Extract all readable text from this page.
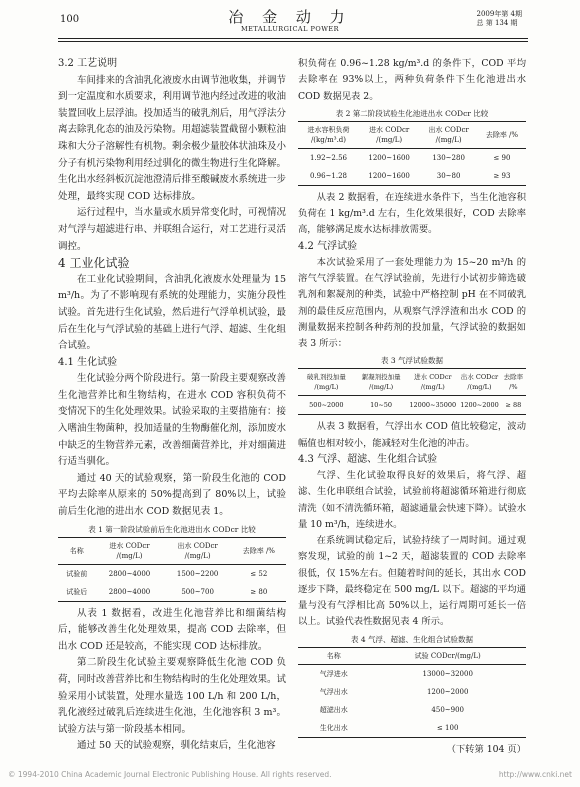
100	冶 金 动 力
METALLURGICAL POWER
2009年第 4期
总 第 134 期

3.2 工艺说明

车间排来的含油乳化液废水由调节池收集，并调节到一定温度和水质要求，利用调节池内经过改进的收油装置回收上层浮油。投加适当的破乳剂后，用气浮法分离去除乳化态的油及污染物。用超滤装置截留小颗粒油珠和大分子溶解性有机物。剩余极少量胶体状油珠及小分子有机污染物利用经过驯化的微生物进行生化降解。生化出水经斜板沉淀池澄清后排至酸碱废水系统进一步处理，最终实现 COD 达标排放。

运行过程中，当水量或水质异常变化时，可视情况对气浮与超滤进行串、并联组合运行，对工艺进行灵活调控。

4 工业化试验

在工业化试验期间，含油乳化液废水处理量为 15 m³/h。为了不影响现有系统的处理能力，实施分段性试验。首先进行生化试验，然后进行气浮单机试验，最后在生化与气浮试验的基础上进行气浮、超滤、生化组合试验。

4.1 生化试验

生化试验分两个阶段进行。第一阶段主要观察改善生化池营养比和生物结构，在进水 COD 容积负荷不变情况下的生化处理效果。试验采取的主要措施有：接入嗜油生物菌种，投加适量的生物酶催化剂，添加废水中缺乏的生物营养元素，改善细菌营养比，并对细菌进行适当驯化。

通过 40 天的试验观察，第一阶段生化池的 COD 平均去除率从原来的 50%提高到了 80%以上，试验前后生化池的进出水 COD 数据见表 1。

表 1 第一阶段试验前后生化池进出水 CODcr 比较
名称	进水 CODcr
/(mg/L)	出水 CODcr
/(mg/L)	去除率 /%
试验前	2800~4000	1500~2200	≤ 52
试验后	2800~4000	500~700	≥ 80

从表 1 数据看，改进生化池营养比和细菌结构后，能够改善生化处理效果，提高 COD 去除率，但出水 COD 还是较高，不能实现 COD 达标排放。

第二阶段生化试验主要观察降低生化池 COD 负荷，同时改善营养比和生物结构时的生化处理效果。试验采用小试装置，处理水量选 100 L/h 和 200 L/h，乳化液经过破乳后连续进生化池，生化池容积 3 m³。试验方法与第一阶段基本相同。

通过 50 天的试验观察，驯化结束后，生化池容

积负荷在 0.96~1.28 kg/m³.d 的条件下，COD 平均去除率在 93%以上，两种负荷条件下生化池进出水 COD 数据见表 2。

表 2 第二阶段试验生化池进出水 CODcr 比较
进水容积负荷
/(kg/m³.d)	进水 CODcr
/(mg/L)	出水 CODcr
/(mg/L)	去除率 /%
1.92~2.56	1200~1600	130~280	≤ 90
0.96~1.28	1200~1600	30~80	≥ 93

从表 2 数据看，在连续进水条件下，当生化池容积负荷在 1 kg/m³.d 左右，生化效果很好，COD 去除率高，能够满足废水达标排放需要。

4.2 气浮试验

本次试验采用了一套处理能力为 15~20 m³/h 的溶气气浮装置。在气浮试验前，先进行小试初步筛选破乳剂和絮凝剂的种类，试验中严格控制 pH 在不同破乳剂的最佳反应范围内，从观察气浮浮渣和出水 COD 的测量数据来控制各种药剂的投加量，气浮试验的数据如表 3 所示：

表 3 气浮试验数据
破乳剂投加量 /(mg/L)	絮凝剂投加量 /(mg/L)	进水 CODcr
/(mg/L)	出水 CODcr
/(mg/L)	去除率 /%
500~2000	10~50	12000~35000	1200~2000	≥ 88

从表 3 数据看，气浮出水 COD 值比较稳定，波动幅值也相对较小，能减轻对生化池的冲击。

4.3 气浮、超滤、生化组合试验

气浮、生化试验取得良好的效果后，将气浮、超滤、生化串联组合试验，试验前将超滤循环箱进行彻底清洗（如不清洗循环箱，超滤通量会快速下降）。试验水量 10 m³/h，连续进水。

在系统调试稳定后，试验持续了一周时间。通过观察发现，试验的前 1~2 天，超滤装置的 COD 去除率很低，仅 15%左右。但随着时间的延长，其出水 COD 逐步下降，最终稳定在 500 mg/L 以下。超滤的平均通量与没有气浮相比高 50%以上，运行周期可延长一倍以上。试验代表性数据见表 4 所示。

表 4 气浮、超滤、生化组合试验数据
名称	试验 CODcr/(mg/L)
气浮进水	13000~32000
气浮出水	1200~2000
超滤出水	450~900
生化出水	≤ 100

（下转第 104 页）

© 1994-2010 China Academic Journal Electronic Publishing House. All rights reserved.	http://www.cnki.net
